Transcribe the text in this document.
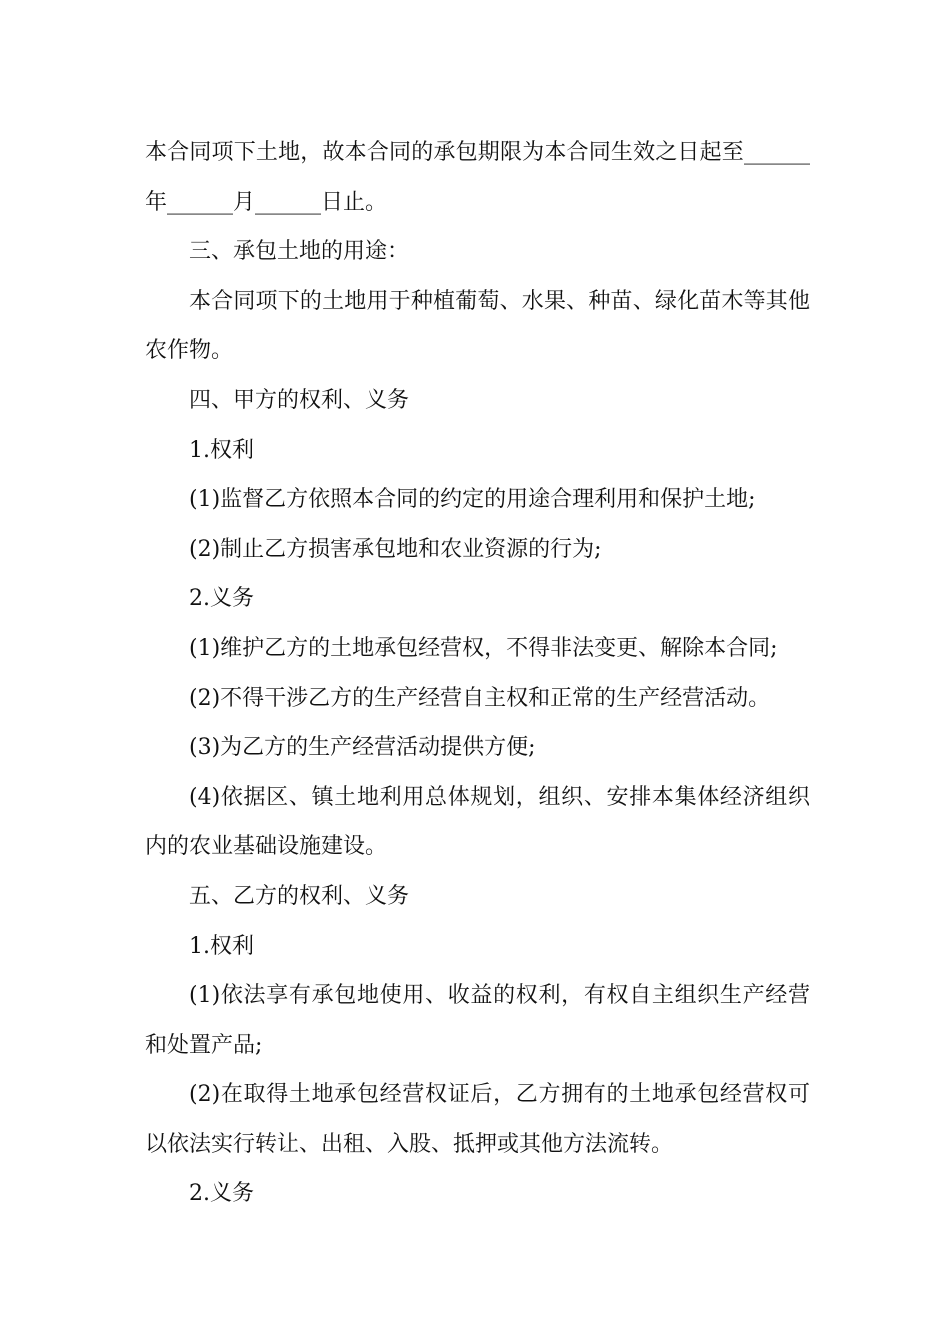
本合同项下土地，故本合同的承包期限为本合同生效之日起至______年______月______日止。

三、承包土地的用途：

本合同项下的土地用于种植葡萄、水果、种苗、绿化苗木等其他农作物。

四、甲方的权利、义务

1.权利

(1)监督乙方依照本合同的约定的用途合理利用和保护土地;

(2)制止乙方损害承包地和农业资源的行为;

2.义务

(1)维护乙方的土地承包经营权，不得非法变更、解除本合同;

(2)不得干涉乙方的生产经营自主权和正常的生产经营活动。

(3)为乙方的生产经营活动提供方便;

(4)依据区、镇土地利用总体规划，组织、安排本集体经济组织内的农业基础设施建设。

五、乙方的权利、义务

1.权利

(1)依法享有承包地使用、收益的权利，有权自主组织生产经营和处置产品;

(2)在取得土地承包经营权证后，乙方拥有的土地承包经营权可以依法实行转让、出租、入股、抵押或其他方法流转。

2.义务
